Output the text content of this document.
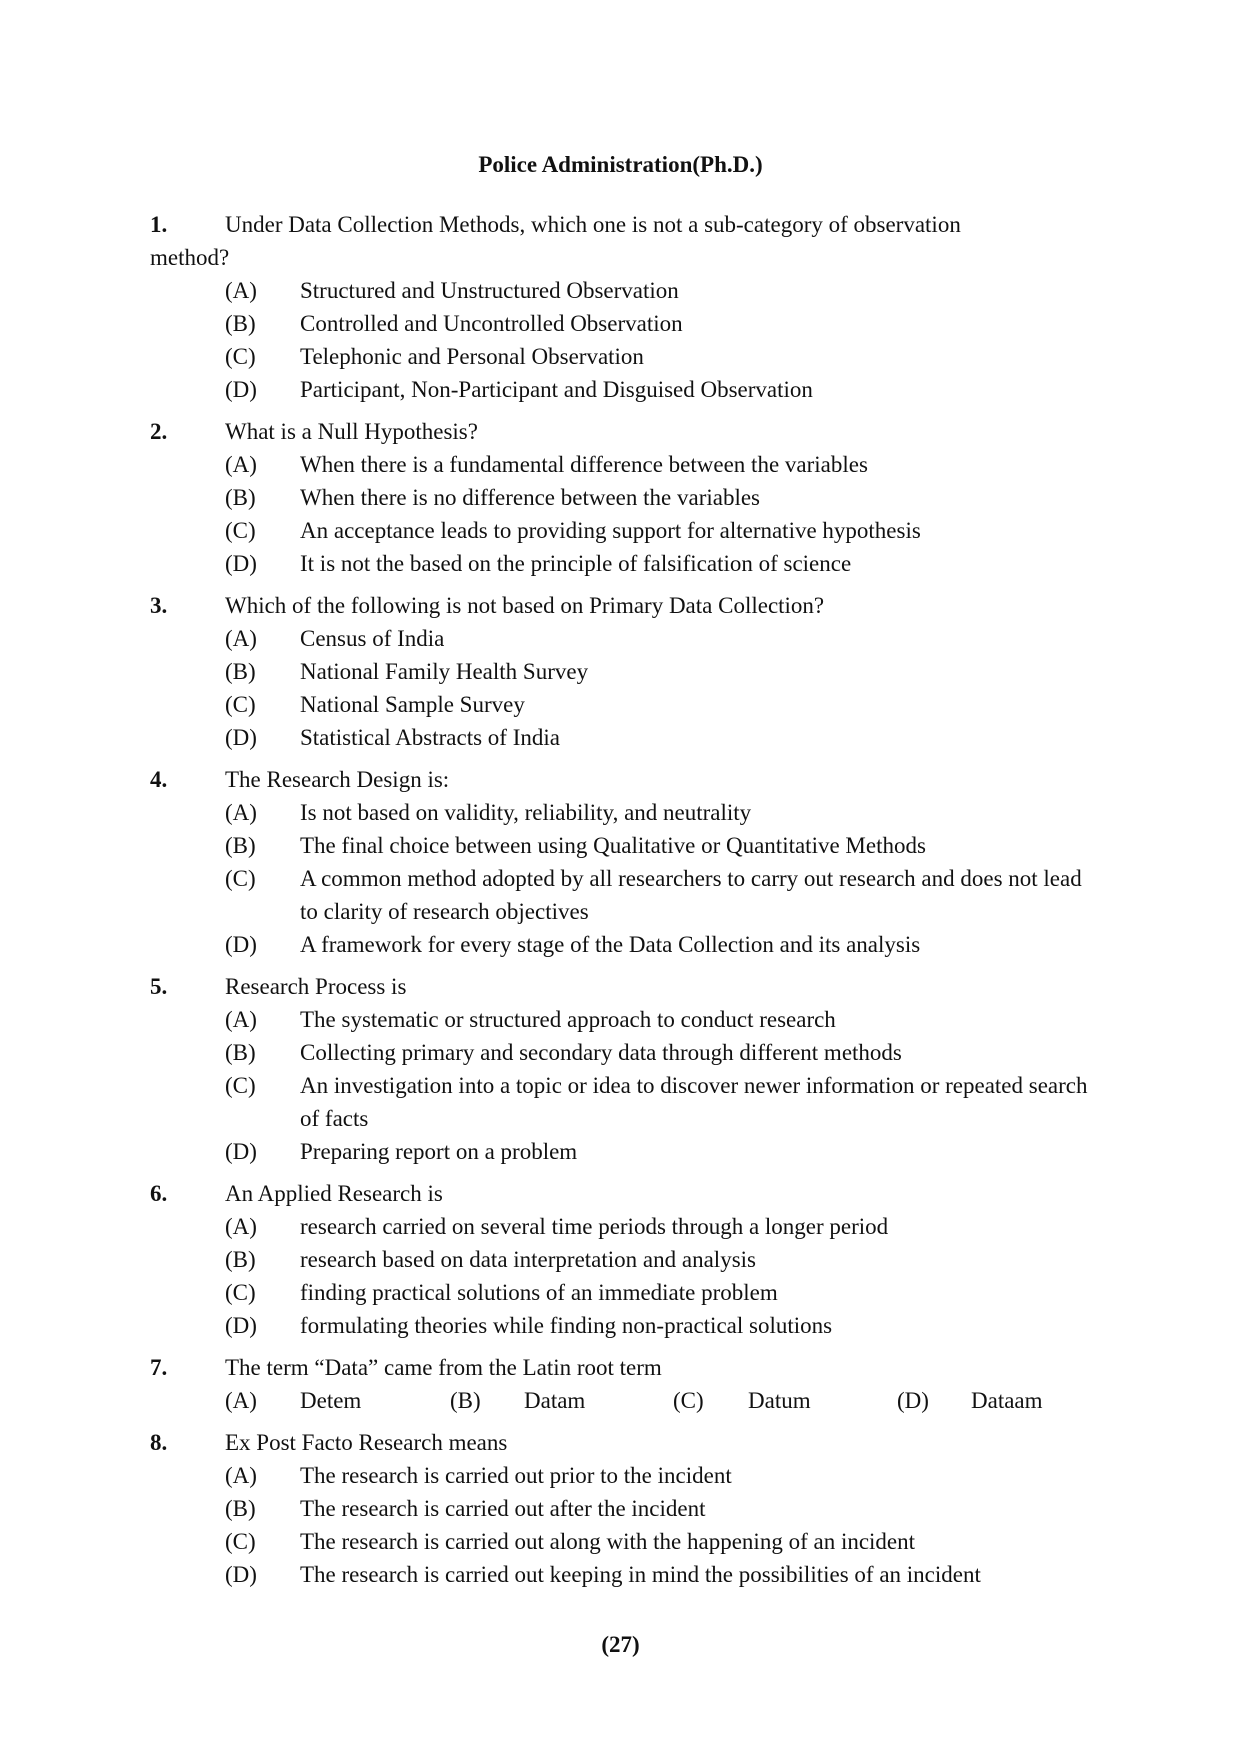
Police Administration(Ph.D.)
1.	Under Data Collection Methods, which one is not a sub-category of observation
method?
(A) Structured and Unstructured Observation
(B) Controlled and Uncontrolled Observation
(C) Telephonic and Personal Observation
(D) Participant, Non-Participant and Disguised Observation
2.	What is a Null Hypothesis?
(A) When there is a fundamental difference between the variables
(B) When there is no difference between the variables
(C) An acceptance leads to providing support for alternative hypothesis
(D) It is not the based on the principle of falsification of science
3.	Which of the following is not based on Primary Data Collection?
(A) Census of India
(B) National Family Health Survey
(C) National Sample Survey
(D) Statistical Abstracts of India
4.	The Research Design is:
(A) Is not based on validity, reliability, and neutrality
(B) The final choice between using Qualitative or Quantitative Methods
(C) A common method adopted by all researchers to carry out research and does not lead to clarity of research objectives
(D) A framework for every stage of the Data Collection and its analysis
5.	Research Process is
(A) The systematic or structured approach to conduct research
(B) Collecting primary and secondary data through different methods
(C) An investigation into a topic or idea to discover newer information or repeated search of facts
(D) Preparing report on a problem
6.	An Applied Research is
(A) research carried on several time periods through a longer period
(B) research based on data interpretation and analysis
(C) finding practical solutions of an immediate problem
(D) formulating theories while finding non-practical solutions
7.	The term “Data” came from the Latin root term
(A) Detem	(B) Datam	(C) Datum	(D) Dataam
8.	Ex Post Facto Research means
(A) The research is carried out prior to the incident
(B) The research is carried out after the incident
(C) The research is carried out along with the happening of an incident
(D) The research is carried out keeping in mind the possibilities of an incident
(27)
